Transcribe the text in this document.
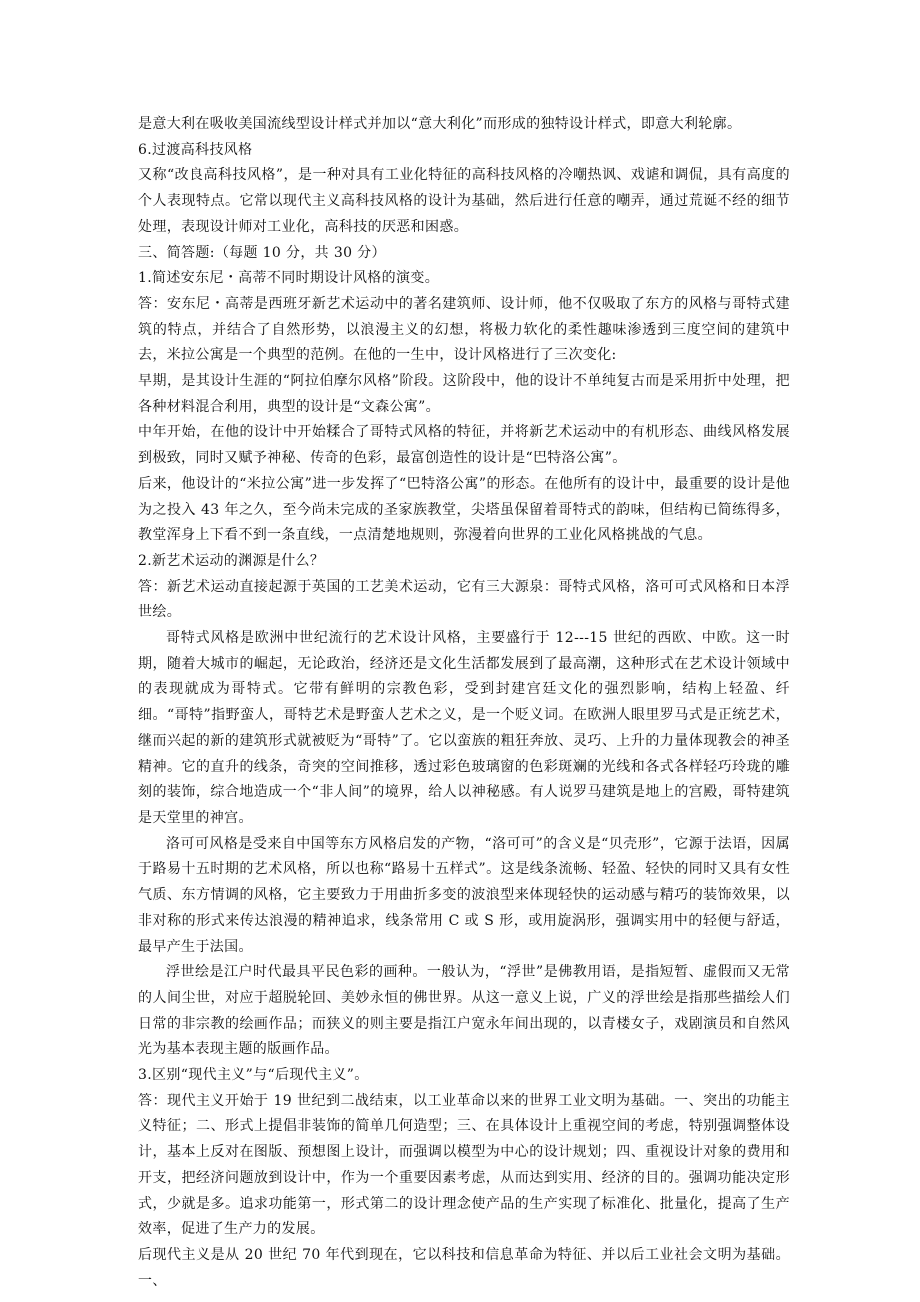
是意大利在吸收美国流线型设计样式并加以“意大利化”而形成的独特设计样式，即意大利轮廓。

6.过渡高科技风格

又称“改良高科技风格”，是一种对具有工业化特征的高科技风格的冷嘲热讽、戏谑和调侃，具有高度的个人表现特点。它常以现代主义高科技风格的设计为基础，然后进行任意的嘲弄，通过荒诞不经的细节处理，表现设计师对工业化，高科技的厌恶和困惑。

三、简答题:（每题 10 分，共 30 分）

1.简述安东尼・高蒂不同时期设计风格的演变。

答：安东尼・高蒂是西班牙新艺术运动中的著名建筑师、设计师，他不仅吸取了东方的风格与哥特式建筑的特点，并结合了自然形势，以浪漫主义的幻想，将极力软化的柔性趣味渗透到三度空间的建筑中去，米拉公寓是一个典型的范例。在他的一生中，设计风格进行了三次变化:

早期，是其设计生涯的“阿拉伯摩尔风格”阶段。这阶段中，他的设计不单纯复古而是采用折中处理，把各种材料混合利用，典型的设计是“文森公寓”。

中年开始，在他的设计中开始糅合了哥特式风格的特征，并将新艺术运动中的有机形态、曲线风格发展到极致，同时又赋予神秘、传奇的色彩，最富创造性的设计是“巴特洛公寓”。

后来，他设计的“米拉公寓”进一步发挥了“巴特洛公寓”的形态。在他所有的设计中，最重要的设计是他为之投入 43 年之久，至今尚未完成的圣家族教堂，尖塔虽保留着哥特式的韵味，但结构已简练得多，教堂浑身上下看不到一条直线，一点清楚地规则，弥漫着向世界的工业化风格挑战的气息。

2.新艺术运动的渊源是什么？

答：新艺术运动直接起源于英国的工艺美术运动，它有三大源泉：哥特式风格，洛可可式风格和日本浮世绘。

哥特式风格是欧洲中世纪流行的艺术设计风格，主要盛行于 12---15 世纪的西欧、中欧。这一时期，随着大城市的崛起，无论政治，经济还是文化生活都发展到了最高潮，这种形式在艺术设计领域中的表现就成为哥特式。它带有鲜明的宗教色彩，受到封建宫廷文化的强烈影响，结构上轻盈、纤细。“哥特”指野蛮人，哥特艺术是野蛮人艺术之义，是一个贬义词。在欧洲人眼里罗马式是正统艺术，继而兴起的新的建筑形式就被贬为“哥特”了。它以蛮族的粗狂奔放、灵巧、上升的力量体现教会的神圣精神。它的直升的线条，奇突的空间推移，透过彩色玻璃窗的色彩斑斓的光线和各式各样轻巧玲珑的雕刻的装饰，综合地造成一个“非人间”的境界，给人以神秘感。有人说罗马建筑是地上的宫殿，哥特建筑是天堂里的神宫。

洛可可风格是受来自中国等东方风格启发的产物，“洛可可”的含义是“贝壳形”，它源于法语，因属于路易十五时期的艺术风格，所以也称“路易十五样式”。这是线条流畅、轻盈、轻快的同时又具有女性气质、东方情调的风格，它主要致力于用曲折多变的波浪型来体现轻快的运动感与精巧的装饰效果，以非对称的形式来传达浪漫的精神追求，线条常用 C 或 S 形，或用旋涡形，强调实用中的轻便与舒适，最早产生于法国。

浮世绘是江户时代最具平民色彩的画种。一般认为，“浮世”是佛教用语，是指短暂、虚假而又无常的人间尘世，对应于超脱轮回、美妙永恒的佛世界。从这一意义上说，广义的浮世绘是指那些描绘人们日常的非宗教的绘画作品；而狭义的则主要是指江户宽永年间出现的，以青楼女子，戏剧演员和自然风光为基本表现主题的版画作品。

3.区别“现代主义”与“后现代主义”。

答：现代主义开始于 19 世纪到二战结束，以工业革命以来的世界工业文明为基础。一、突出的功能主义特征；二、形式上提倡非装饰的简单几何造型；三、在具体设计上重视空间的考虑，特别强调整体设计，基本上反对在图版、预想图上设计，而强调以模型为中心的设计规划；四、重视设计对象的费用和开支，把经济问题放到设计中，作为一个重要因素考虑，从而达到实用、经济的目的。强调功能决定形式，少就是多。追求功能第一，形式第二的设计理念使产品的生产实现了标准化、批量化，提高了生产效率，促进了生产力的发展。

后现代主义是从 20 世纪 70 年代到现在，它以科技和信息革命为特征、并以后工业社会文明为基础。一、
